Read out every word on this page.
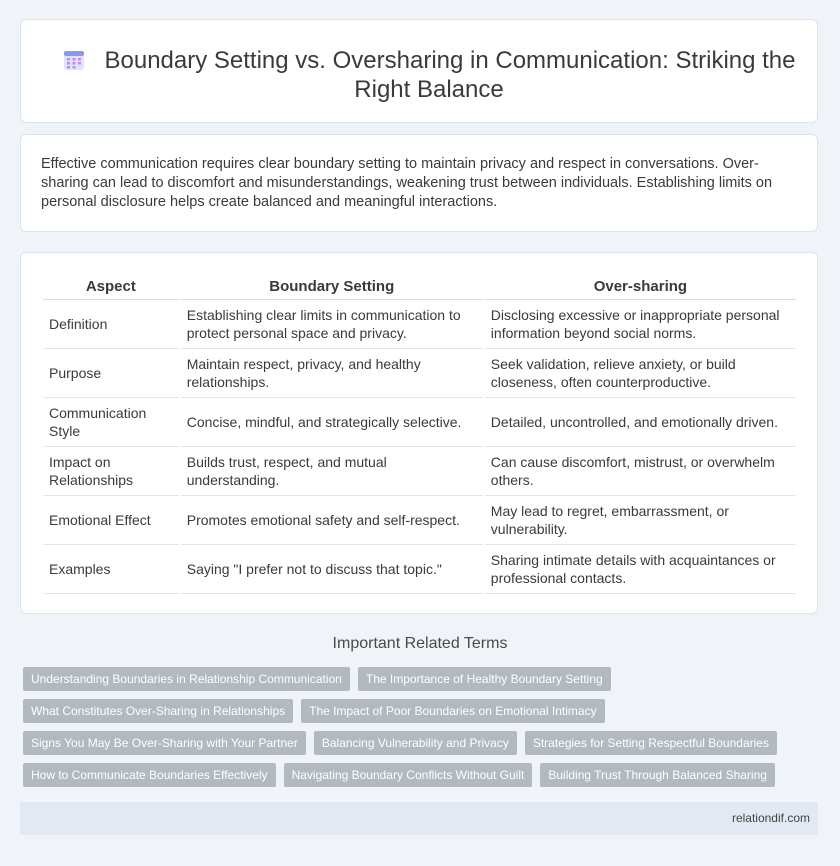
Boundary Setting vs. Oversharing in Communication: Striking the Right Balance

Effective communication requires clear boundary setting to maintain privacy and respect in conversations. Over-sharing can lead to discomfort and misunderstandings, weakening trust between individuals. Establishing limits on personal disclosure helps create balanced and meaningful interactions.

Aspect	Boundary Setting	Over-sharing
Definition	Establishing clear limits in communication to protect personal space and privacy.	Disclosing excessive or inappropriate personal information beyond social norms.
Purpose	Maintain respect, privacy, and healthy relationships.	Seek validation, relieve anxiety, or build closeness, often counterproductive.
Communication Style	Concise, mindful, and strategically selective.	Detailed, uncontrolled, and emotionally driven.
Impact on Relationships	Builds trust, respect, and mutual understanding.	Can cause discomfort, mistrust, or overwhelm others.
Emotional Effect	Promotes emotional safety and self-respect.	May lead to regret, embarrassment, or vulnerability.
Examples	Saying "I prefer not to discuss that topic."	Sharing intimate details with acquaintances or professional contacts.
Important Related Terms
Understanding Boundaries in Relationship Communication	The Importance of Healthy Boundary Setting
What Constitutes Over-Sharing in Relationships	The Impact of Poor Boundaries on Emotional Intimacy
Signs You May Be Over-Sharing with Your Partner	Balancing Vulnerability and Privacy	Strategies for Setting Respectful Boundaries
How to Communicate Boundaries Effectively	Navigating Boundary Conflicts Without Guilt	Building Trust Through Balanced Sharing
relationdif.com
